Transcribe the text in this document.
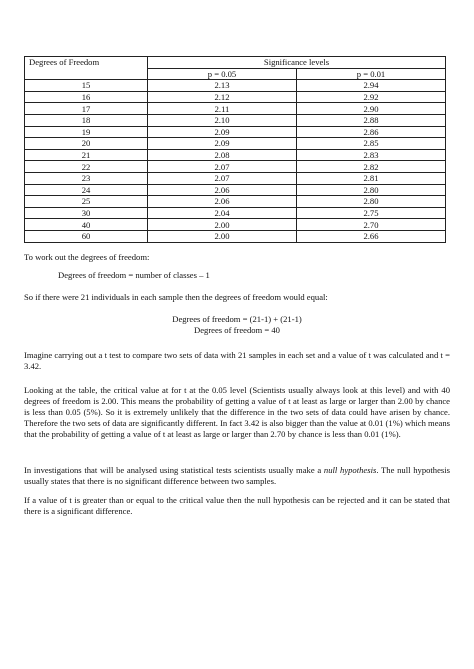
Degrees of Freedom	Significance levels	
	p = 0.05	p = 0.01
15	2.13	2.94
16	2.12	2.92
17	2.11	2.90
18	2.10	2.88
19	2.09	2.86
20	2.09	2.85
21	2.08	2.83
22	2.07	2.82
23	2.07	2.81
24	2.06	2.80
25	2.06	2.80
30	2.04	2.75
40	2.00	2.70
60	2.00	2.66

To work out the degrees of freedom:

Degrees of freedom = number of classes – 1

So if there were 21 individuals in each sample then the degrees of freedom would equal:

Degrees of freedom = (21-1) + (21-1)

Degrees of freedom = 40

Imagine carrying out a t test to compare two sets of data with 21 samples in each set and a value of t was calculated and t = 3.42.

Looking at the table, the critical value at for t at the 0.05 level (Scientists usually always look at this level) and with 40 degrees of freedom is 2.00. This means the probability of getting a value of t at least as large or larger than 2.00 by chance is less than 0.05 (5%). So it is extremely unlikely that the difference in the two sets of data could have arisen by chance. Therefore the two sets of data are significantly different. In fact 3.42 is also bigger than the value at 0.01 (1%) which means that the probability of getting a value of t at least as large or larger than 2.70 by chance is less than 0.01 (1%).

In investigations that will be analysed using statistical tests scientists usually make a null hypothesis. The null hypothesis usually states that there is no significant difference between two samples.

If a value of t is greater than or equal to the critical value then the null hypothesis can be rejected and it can be stated that there is a significant difference.
